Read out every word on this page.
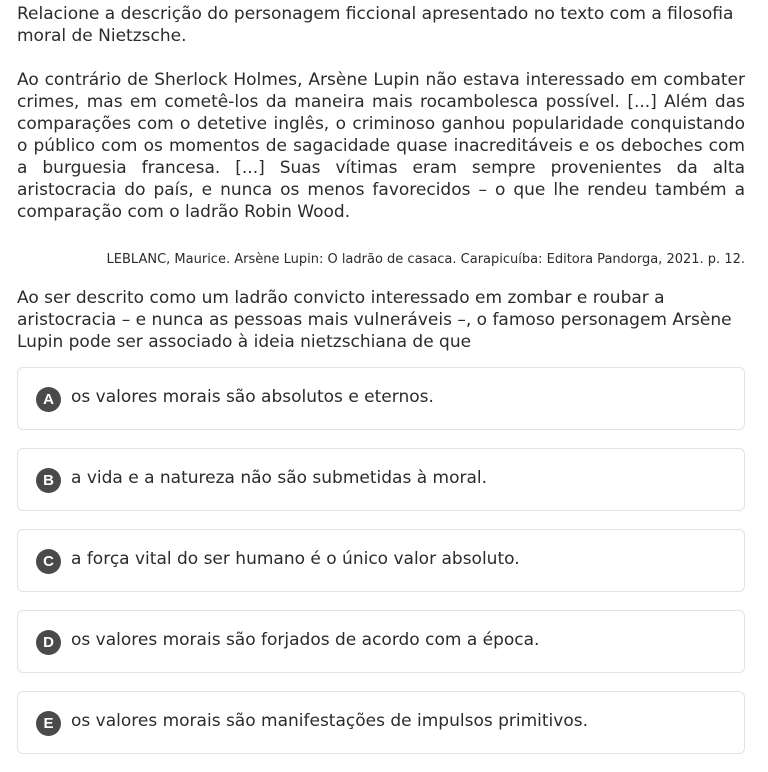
Relacione a descrição do personagem ficcional apresentado no texto com a filosofia moral de Nietzsche.

Ao contrário de Sherlock Holmes, Arsène Lupin não estava interessado em combater crimes, mas em cometê-los da maneira mais rocambolesca possível. [...] Além das comparações com o detetive inglês, o criminoso ganhou popularidade conquistando o público com os momentos de sagacidade quase inacreditáveis e os deboches com a burguesia francesa. [...] Suas vítimas eram sempre provenientes da alta aristocracia do país, e nunca os menos favorecidos – o que lhe rendeu também a comparação com o ladrão Robin Wood.

LEBLANC, Maurice. Arsène Lupin: O ladrão de casaca. Carapicuíba: Editora Pandorga, 2021. p. 12.

Ao ser descrito como um ladrão convicto interessado em zombar e roubar a aristocracia – e nunca as pessoas mais vulneráveis –, o famoso personagem Arsène Lupin pode ser associado à ideia nietzschiana de que

A	os valores morais são absolutos e eternos.
B	a vida e a natureza não são submetidas à moral.
C	a força vital do ser humano é o único valor absoluto.
D	os valores morais são forjados de acordo com a época.
E	os valores morais são manifestações de impulsos primitivos.
